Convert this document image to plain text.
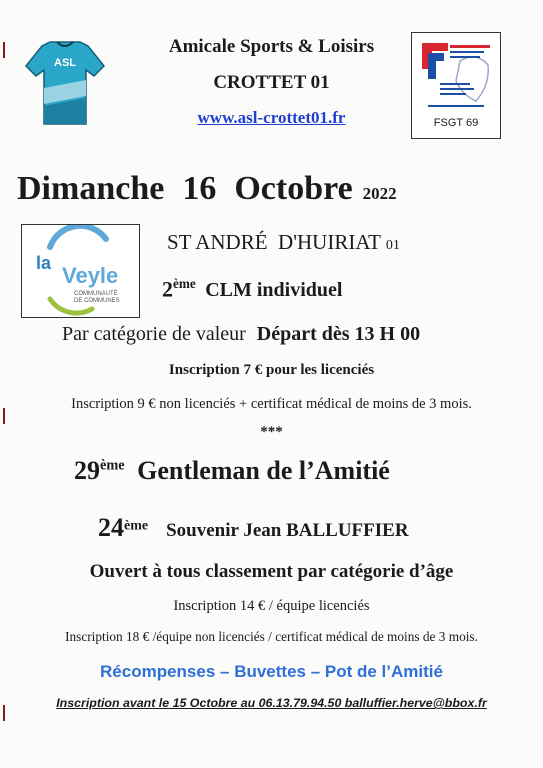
ASL
Amicale Sports & Loisirs
CROTTET 01
www.asl-crottet01.fr	FSGT 69
Dimanche 16 Octobre 2022
la Veyle
COMMUNAUTÉ
DE COMMUNES
ST ANDRÉ  D'HUIRIAT 01
2ème CLM individuel
Par catégorie de valeur Départ dès 13 H 00
Inscription 7 € pour les licenciés
Inscription 9 € non licenciés + certificat médical de moins de 3 mois.
***
29ème Gentleman de l’Amitié
24ème Souvenir Jean BALLUFFIER
Ouvert à tous classement par catégorie d’âge
Inscription 14 € / équipe licenciés
Inscription 18 € /équipe non licenciés / certificat médical de moins de 3 mois.
Récompenses – Buvettes – Pot de l’Amitié
Inscription avant le 15 Octobre au 06.13.79.94.50 balluffier.herve@bbox.fr
